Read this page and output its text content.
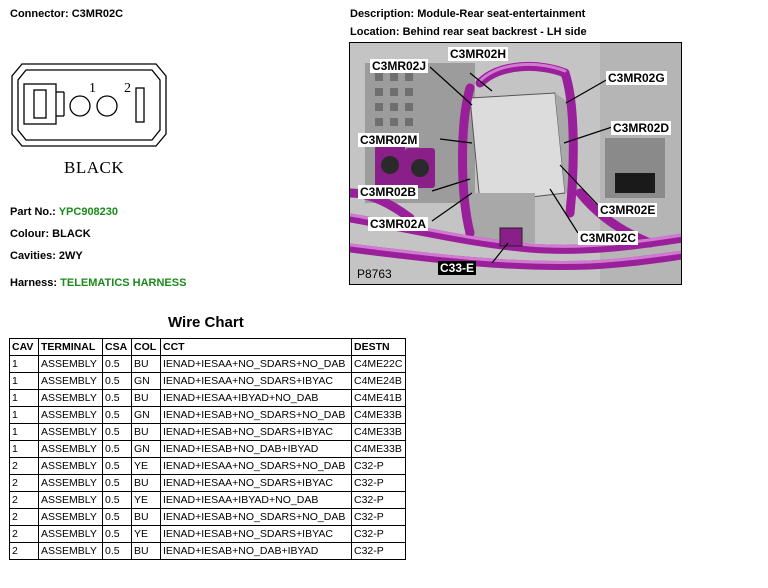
Connector: C3MR02C	Description: Module-Rear seat-entertainment
Location: Behind rear seat backrest - LH side
1 2
BLACK
Part No.: YPC908230
Colour: BLACK
Cavities: 2WY
Harness: TELEMATICS HARNESS
C3MR02H
C3MR02J
C3MR02G
C3MR02M
C3MR02D
C3MR02B
C3MR02E
C3MR02A
C3MR02C
C33-E
P8763
Wire Chart
CAV	TERMINAL	CSA	COL	CCT	DESTN
1	ASSEMBLY	0.5	BU	IENAD+IESAA+NO_SDARS+NO_DAB	C4ME22C
1	ASSEMBLY	0.5	GN	IENAD+IESAA+NO_SDARS+IBYAC	C4ME24B
1	ASSEMBLY	0.5	BU	IENAD+IESAA+IBYAD+NO_DAB	C4ME41B
1	ASSEMBLY	0.5	GN	IENAD+IESAB+NO_SDARS+NO_DAB	C4ME33B
1	ASSEMBLY	0.5	BU	IENAD+IESAB+NO_SDARS+IBYAC	C4ME33B
1	ASSEMBLY	0.5	GN	IENAD+IESAB+NO_DAB+IBYAD	C4ME33B
2	ASSEMBLY	0.5	YE	IENAD+IESAA+NO_SDARS+NO_DAB	C32-P
2	ASSEMBLY	0.5	BU	IENAD+IESAA+NO_SDARS+IBYAC	C32-P
2	ASSEMBLY	0.5	YE	IENAD+IESAA+IBYAD+NO_DAB	C32-P
2	ASSEMBLY	0.5	BU	IENAD+IESAB+NO_SDARS+NO_DAB	C32-P
2	ASSEMBLY	0.5	YE	IENAD+IESAB+NO_SDARS+IBYAC	C32-P
2	ASSEMBLY	0.5	BU	IENAD+IESAB+NO_DAB+IBYAD	C32-P
